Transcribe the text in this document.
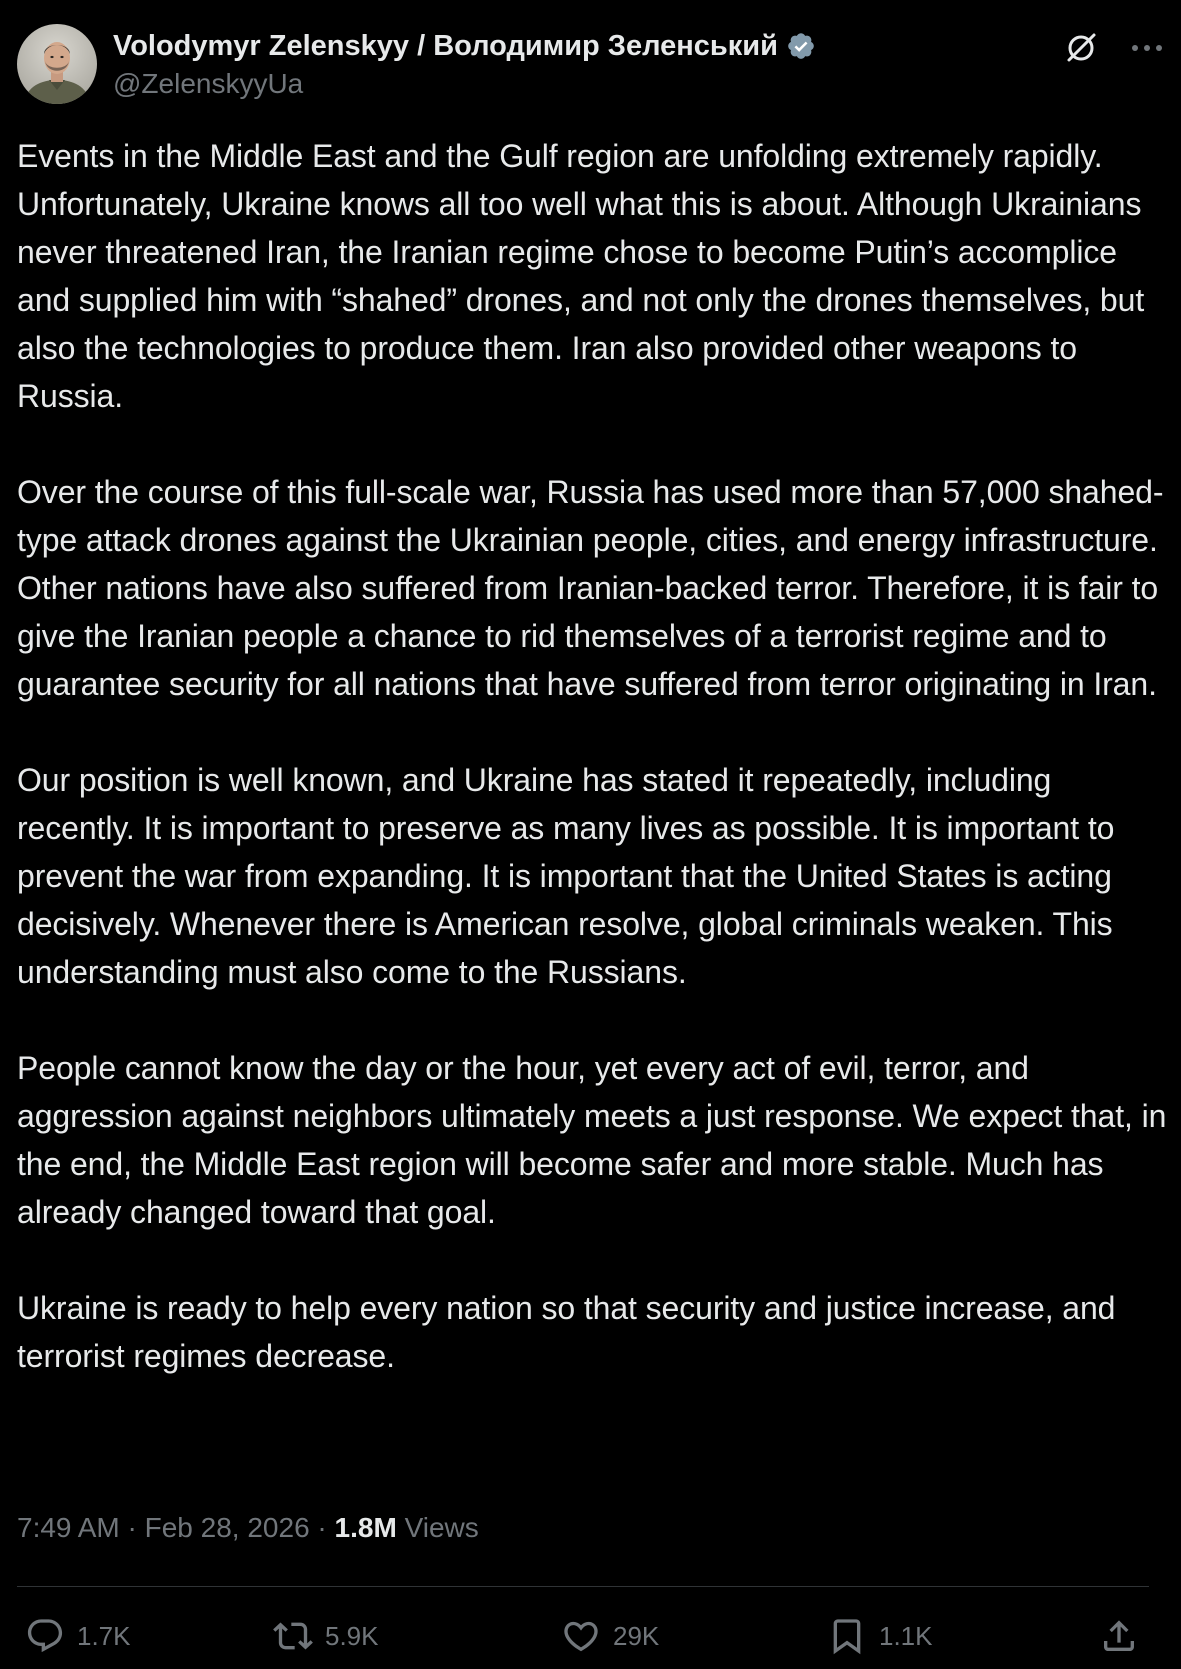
Volodymyr Zelenskyy / Володимир Зеленський
@ZelenskyyUa

Events in the Middle East and the Gulf region are unfolding extremely rapidly. Unfortunately, Ukraine knows all too well what this is about. Although Ukrainians never threatened Iran, the Iranian regime chose to become Putin’s accomplice and supplied him with “shahed” drones, and not only the drones themselves, but also the technologies to produce them. Iran also provided other weapons to Russia.

Over the course of this full-scale war, Russia has used more than 57,000 shahed-type attack drones against the Ukrainian people, cities, and energy infrastructure. Other nations have also suffered from Iranian-backed terror. Therefore, it is fair to give the Iranian people a chance to rid themselves of a terrorist regime and to guarantee security for all nations that have suffered from terror originating in Iran.

Our position is well known, and Ukraine has stated it repeatedly, including recently. It is important to preserve as many lives as possible. It is important to prevent the war from expanding. It is important that the United States is acting decisively. Whenever there is American resolve, global criminals weaken. This understanding must also come to the Russians.

People cannot know the day or the hour, yet every act of evil, terror, and aggression against neighbors ultimately meets a just response. We expect that, in the end, the Middle East region will become safer and more stable. Much has already changed toward that goal.

Ukraine is ready to help every nation so that security and justice increase, and terrorist regimes decrease.

7:49 AM · Feb 28, 2026 · 1.8M Views
1.7K	5.9K	29K	1.1K
